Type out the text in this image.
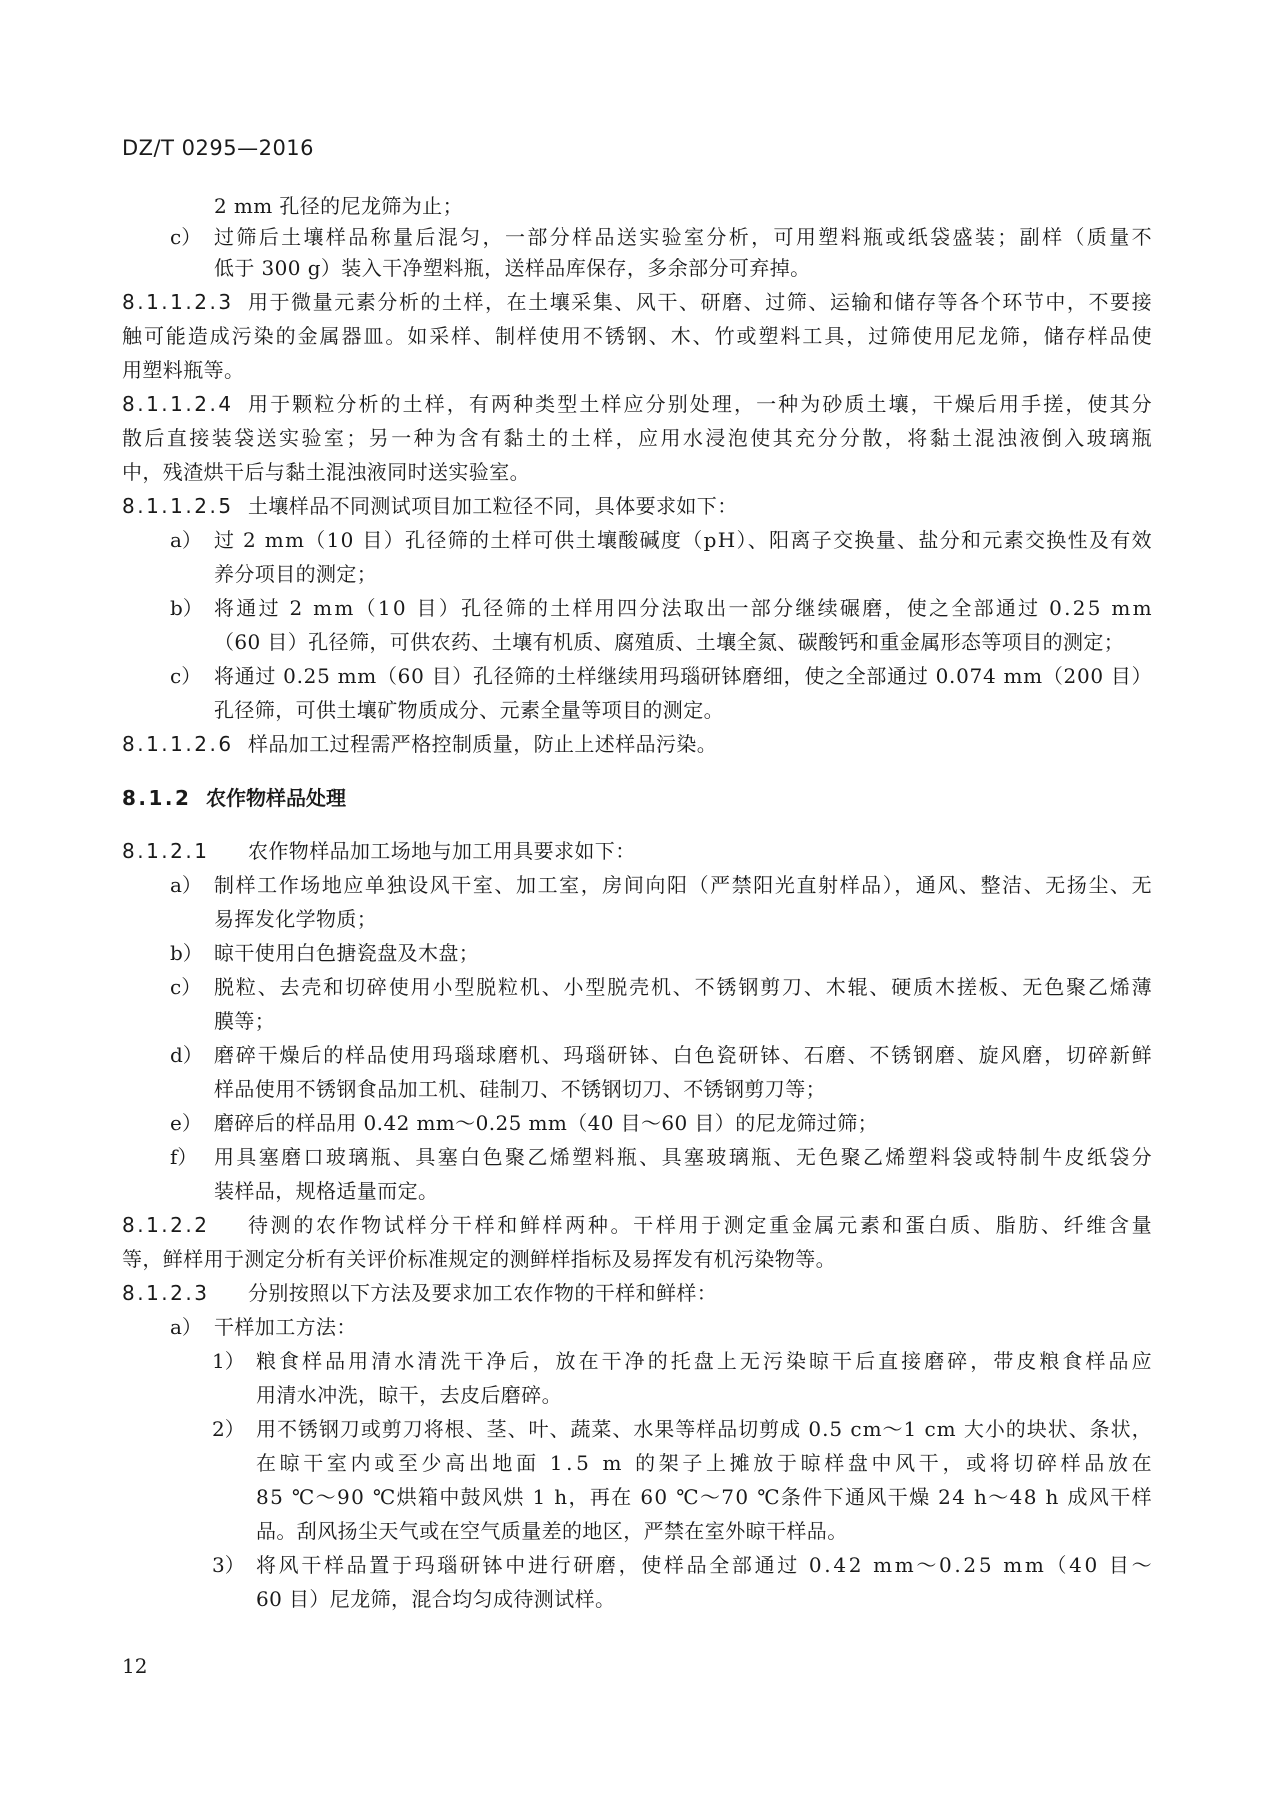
DZ/T 0295—2016
2 mm 孔径的尼龙筛为止；
c） 过筛后土壤样品称量后混匀，一部分样品送实验室分析，可用塑料瓶或纸袋盛装；副样（质量不
低于 300 g）装入干净塑料瓶，送样品库保存，多余部分可弃掉。
8.1.1.2.3 用于微量元素分析的土样，在土壤采集、风干、研磨、过筛、运输和储存等各个环节中，不要接
触可能造成污染的金属器皿。如采样、制样使用不锈钢、木、竹或塑料工具，过筛使用尼龙筛，储存样品使
用塑料瓶等。
8.1.1.2.4 用于颗粒分析的土样，有两种类型土样应分别处理，一种为砂质土壤，干燥后用手搓，使其分
散后直接装袋送实验室；另一种为含有黏土的土样，应用水浸泡使其充分分散，将黏土混浊液倒入玻璃瓶
中，残渣烘干后与黏土混浊液同时送实验室。
8.1.1.2.5 土壤样品不同测试项目加工粒径不同，具体要求如下：
a） 过 2 mm（10 目）孔径筛的土样可供土壤酸碱度（pH）、阳离子交换量、盐分和元素交换性及有效
养分项目的测定；
b） 将通过 2 mm（10 目）孔径筛的土样用四分法取出一部分继续碾磨，使之全部通过 0.25 mm
（60 目）孔径筛，可供农药、土壤有机质、腐殖质、土壤全氮、碳酸钙和重金属形态等项目的测定；
c） 将通过 0.25 mm（60 目）孔径筛的土样继续用玛瑙研钵磨细，使之全部通过 0.074 mm（200 目）
孔径筛，可供土壤矿物质成分、元素全量等项目的测定。
8.1.1.2.6 样品加工过程需严格控制质量，防止上述样品污染。
8.1.2 农作物样品处理
8.1.2.1 农作物样品加工场地与加工用具要求如下：
a） 制样工作场地应单独设风干室、加工室，房间向阳（严禁阳光直射样品），通风、整洁、无扬尘、无
易挥发化学物质；
b） 晾干使用白色搪瓷盘及木盘；
c） 脱粒、去壳和切碎使用小型脱粒机、小型脱壳机、不锈钢剪刀、木辊、硬质木搓板、无色聚乙烯薄
膜等；
d） 磨碎干燥后的样品使用玛瑙球磨机、玛瑙研钵、白色瓷研钵、石磨、不锈钢磨、旋风磨，切碎新鲜
样品使用不锈钢食品加工机、硅制刀、不锈钢切刀、不锈钢剪刀等；
e） 磨碎后的样品用 0.42 mm～0.25 mm（40 目～60 目）的尼龙筛过筛；
f） 用具塞磨口玻璃瓶、具塞白色聚乙烯塑料瓶、具塞玻璃瓶、无色聚乙烯塑料袋或特制牛皮纸袋分
装样品，规格适量而定。
8.1.2.2 待测的农作物试样分干样和鲜样两种。干样用于测定重金属元素和蛋白质、脂肪、纤维含量
等，鲜样用于测定分析有关评价标准规定的测鲜样指标及易挥发有机污染物等。
8.1.2.3 分别按照以下方法及要求加工农作物的干样和鲜样：
a） 干样加工方法：
1） 粮食样品用清水清洗干净后，放在干净的托盘上无污染晾干后直接磨碎，带皮粮食样品应
用清水冲洗，晾干，去皮后磨碎。
2） 用不锈钢刀或剪刀将根、茎、叶、蔬菜、水果等样品切剪成 0.5 cm～1 cm 大小的块状、条状，
在晾干室内或至少高出地面 1.5 m 的架子上摊放于晾样盘中风干，或将切碎样品放在
85 ℃～90 ℃烘箱中鼓风烘 1 h，再在 60 ℃～70 ℃条件下通风干燥 24 h～48 h 成风干样
品。刮风扬尘天气或在空气质量差的地区，严禁在室外晾干样品。
3） 将风干样品置于玛瑙研钵中进行研磨，使样品全部通过 0.42 mm～0.25 mm（40 目～
60 目）尼龙筛，混合均匀成待测试样。
12
